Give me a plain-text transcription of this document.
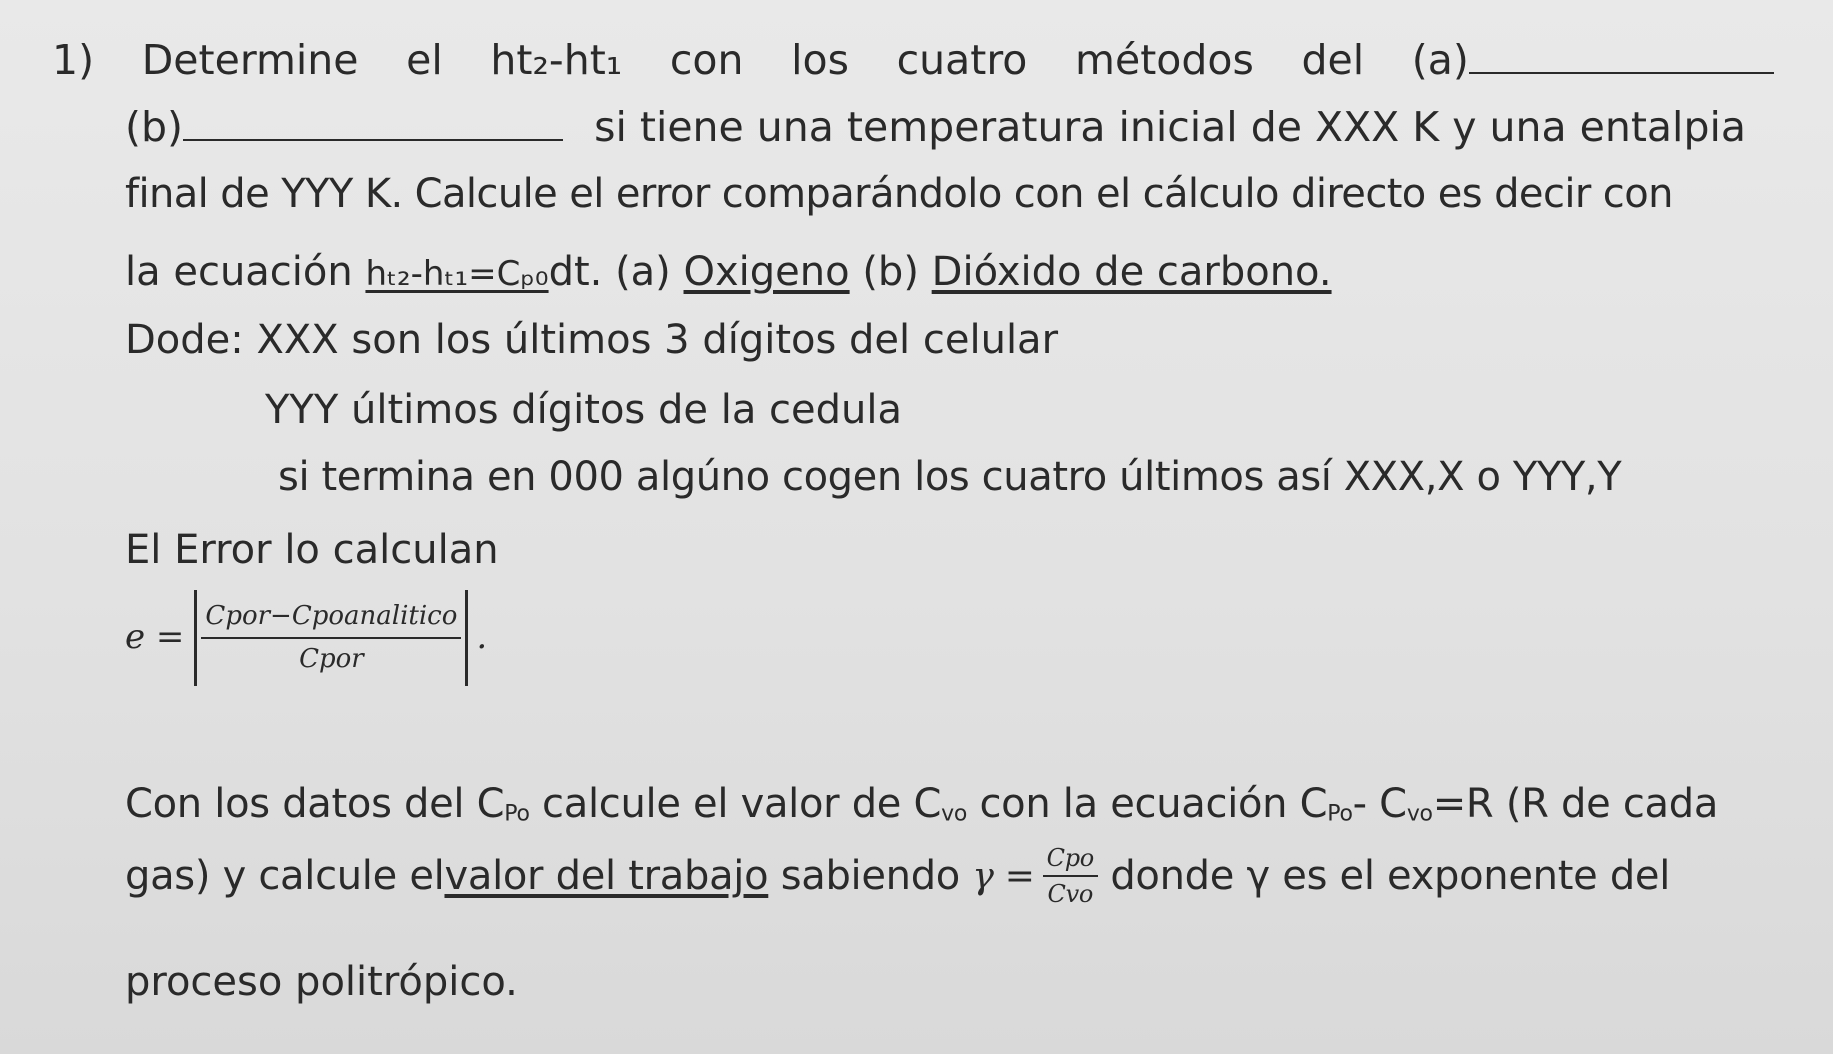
1) Determine el ht₂-ht₁ con los cuatro métodos del (a)
(b)	si tiene una temperatura inicial de XXX K y una entalpia
final de YYY K. Calcule el error comparándolo con el cálculo directo es decir con
la ecuación hₜ₂-hₜ₁=Cₚ₀dt. (a) Oxigeno (b) Dióxido de carbono.
Dode: XXX son los últimos 3 dígitos del celular
YYY últimos dígitos de la cedula
si termina en 000 algúno cogen los cuatro últimos así XXX,X o YYY,Y
El Error lo calculan
$e = \frac{\text{Cpor−Cpoanalitico}}{\text{Cpor}}$ .
Con los datos del CPo calcule el valor de Cvo con la ecuación CPo- Cvo=R (R de cada
gas) y calcule el valor del trabajo sabiendo $\gamma = \frac{\text{Cpo}}{\text{Cvo}}$ donde γ es el exponente del
proceso politrópico.
